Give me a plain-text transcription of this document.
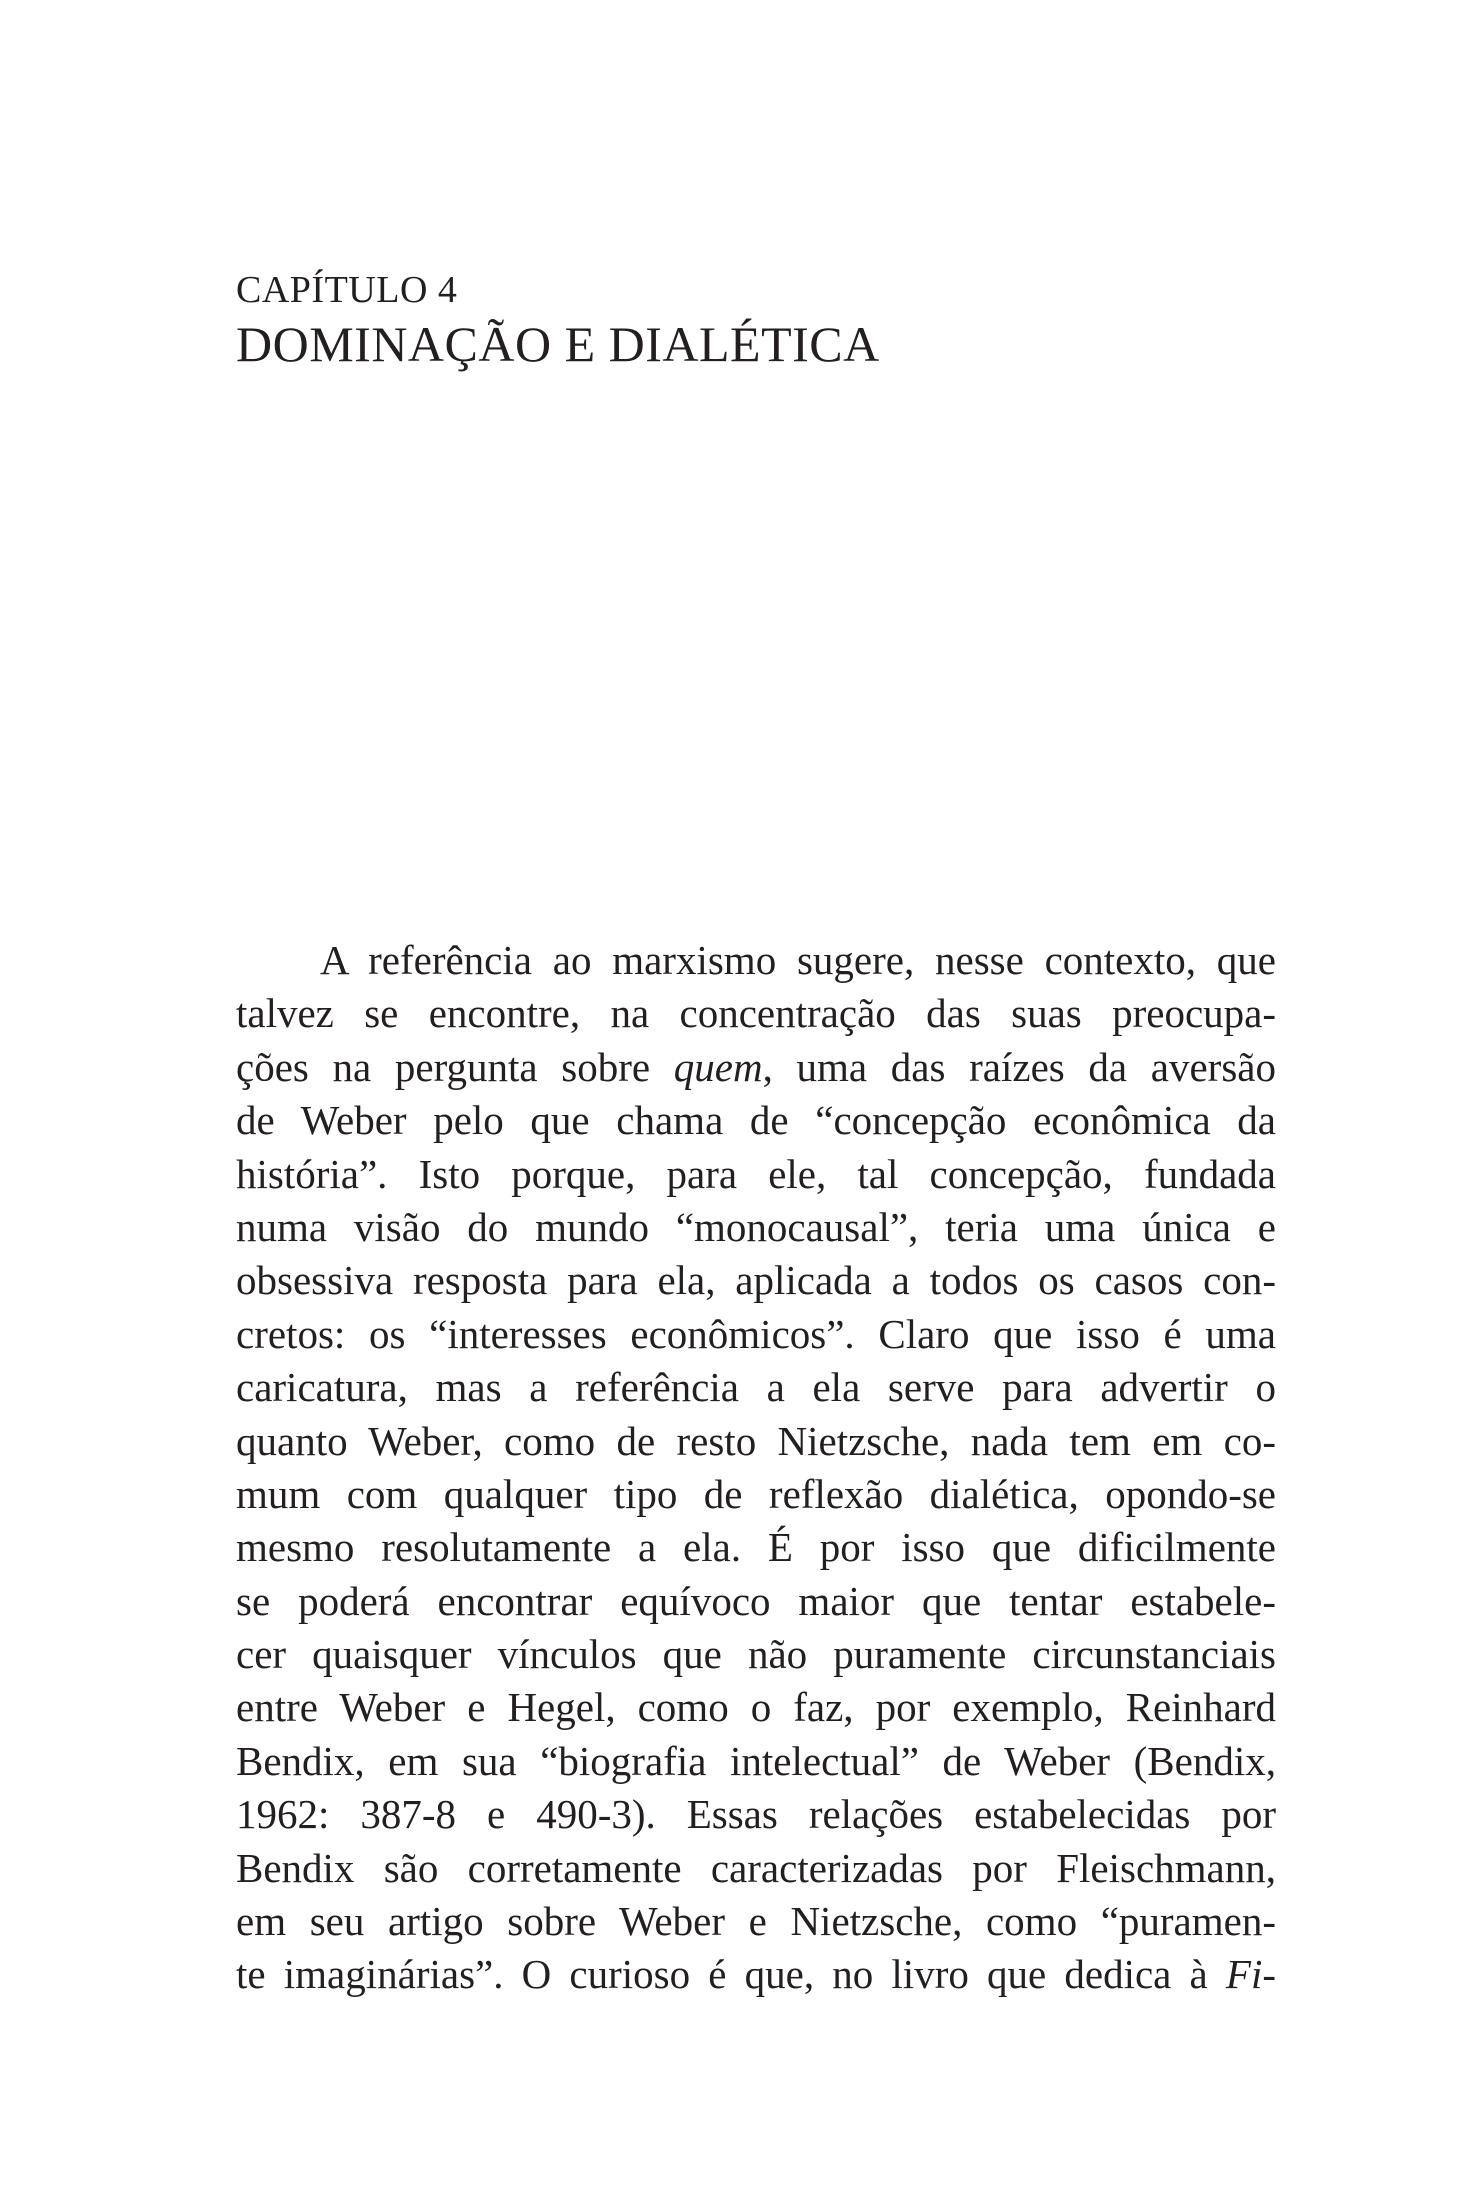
CAPÍTULO 4
DOMINAÇÃO E DIALÉTICA
A referência ao marxismo sugere, nesse contexto, que
talvez se encontre, na concentração das suas preocupa-
ções na pergunta sobre quem, uma das raízes da aversão
de Weber pelo que chama de “concepção econômica da
história”. Isto porque, para ele, tal concepção, fundada
numa visão do mundo “monocausal”, teria uma única e
obsessiva resposta para ela, aplicada a todos os casos con-
cretos: os “interesses econômicos”. Claro que isso é uma
caricatura, mas a referência a ela serve para advertir o
quanto Weber, como de resto Nietzsche, nada tem em co-
mum com qualquer tipo de reflexão dialética, opondo-se
mesmo resolutamente a ela. É por isso que dificilmente
se poderá encontrar equívoco maior que tentar estabele-
cer quaisquer vínculos que não puramente circunstanciais
entre Weber e Hegel, como o faz, por exemplo, Reinhard
Bendix, em sua “biografia intelectual” de Weber (Bendix,
1962: 387-8 e 490-3). Essas relações estabelecidas por
Bendix são corretamente caracterizadas por Fleischmann,
em seu artigo sobre Weber e Nietzsche, como “puramen-
te imaginárias”. O curioso é que, no livro que dedica à Fi-
